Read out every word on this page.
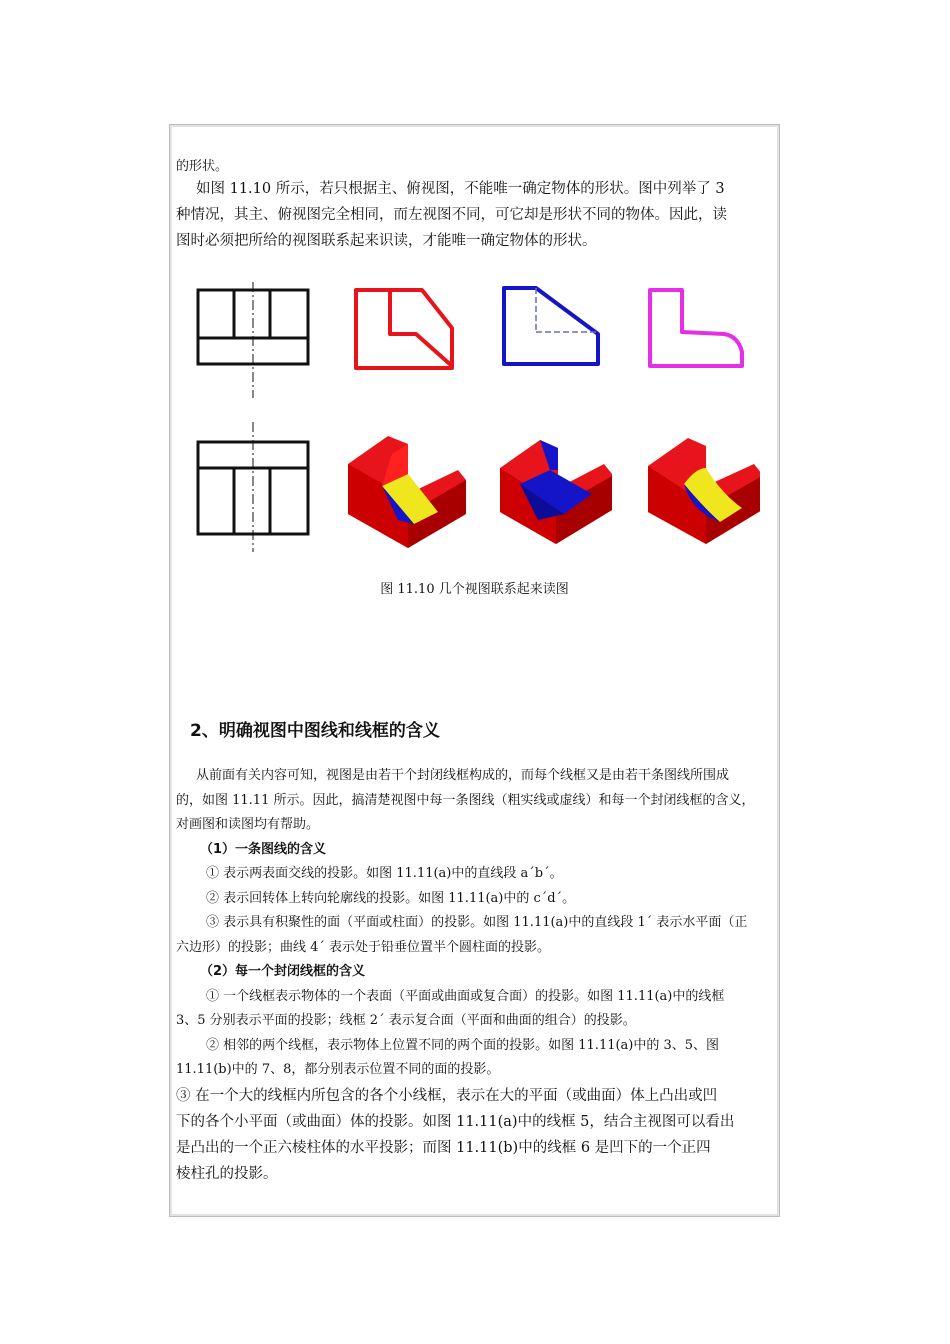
的形状。
如图 11.10 所示，若只根据主、俯视图，不能唯一确定物体的形状。图中列举了 3
种情况，其主、俯视图完全相同，而左视图不同，可它却是形状不同的物体。因此，读
图时必须把所给的视图联系起来识读，才能唯一确定物体的形状。
图 11.10 几个视图联系起来读图
2、明确视图中图线和线框的含义
从前面有关内容可知，视图是由若干个封闭线框构成的，而每个线框又是由若干条图线所围成
的，如图 11.11 所示。因此，搞清楚视图中每一条图线（粗实线或虚线）和每一个封闭线框的含义，
对画图和读图均有帮助。
（1）一条图线的含义
① 表示两表面交线的投影。如图 11.11(a)中的直线段 a´b´。
② 表示回转体上转向轮廓线的投影。如图 11.11(a)中的 c´d´。
③ 表示具有积聚性的面（平面或柱面）的投影。如图 11.11(a)中的直线段 1´ 表示水平面（正
六边形）的投影；曲线 4´ 表示处于铅垂位置半个圆柱面的投影。
（2）每一个封闭线框的含义
① 一个线框表示物体的一个表面（平面或曲面或复合面）的投影。如图 11.11(a)中的线框
3、5 分别表示平面的投影；线框 2´ 表示复合面（平面和曲面的组合）的投影。
② 相邻的两个线框，表示物体上位置不同的两个面的投影。如图 11.11(a)中的 3、5、图
11.11(b)中的 7、8，都分别表示位置不同的面的投影。
③ 在一个大的线框内所包含的各个小线框，表示在大的平面（或曲面）体上凸出或凹
下的各个小平面（或曲面）体的投影。如图 11.11(a)中的线框 5，结合主视图可以看出
是凸出的一个正六棱柱体的水平投影；而图 11.11(b)中的线框 6 是凹下的一个正四
棱柱孔的投影。
